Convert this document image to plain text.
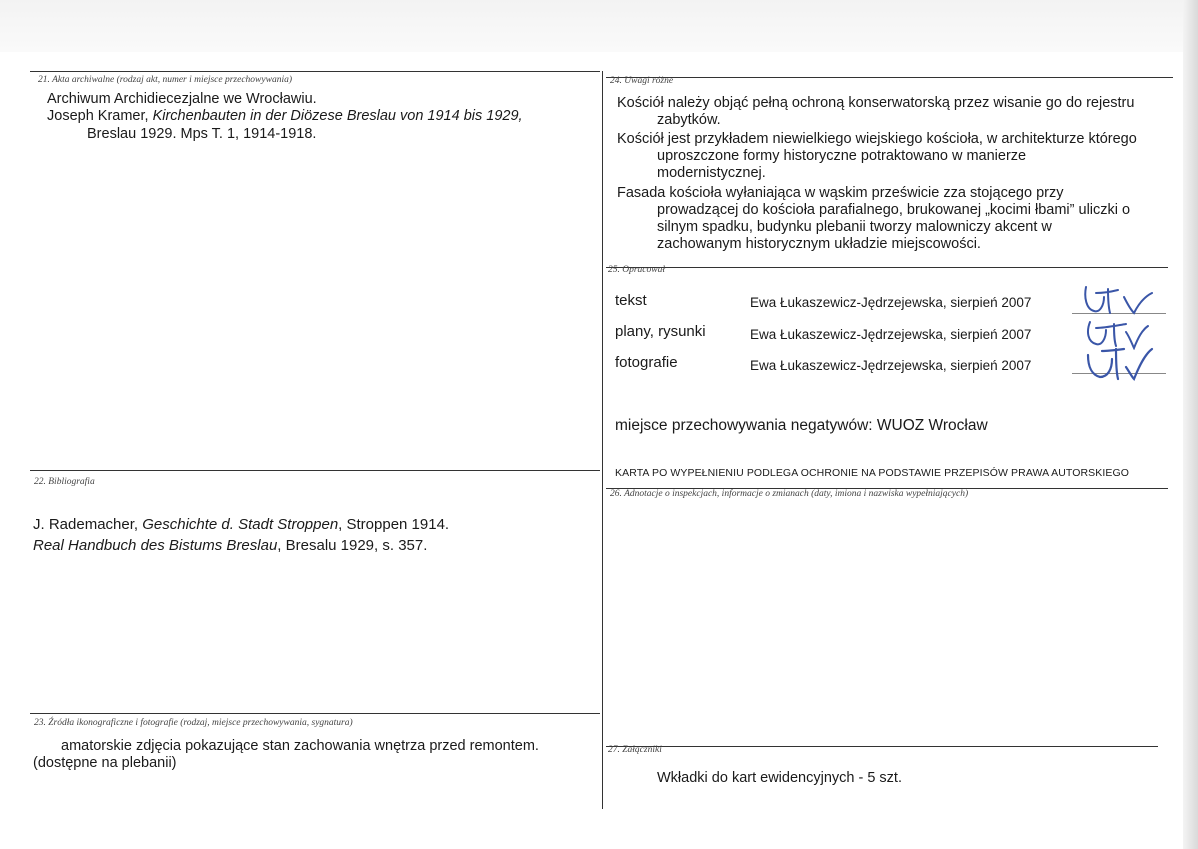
21. Akta archiwalne (rodzaj akt, numer i miejsce przechowywania)
Archiwum Archidiecezjalne we Wrocławiu.
Joseph Kramer, Kirchenbauten in der Diözese Breslau von 1914 bis 1929,
Breslau 1929. Mps T. 1, 1914-1918.
22. Bibliografia
J. Rademacher, Geschichte d. Stadt Stroppen, Stroppen 1914.
Real Handbuch des Bistums Breslau, Bresalu 1929, s. 357.
23. Źródła ikonograficzne i fotografie (rodzaj, miejsce przechowywania, sygnatura)
amatorskie zdjęcia pokazujące stan zachowania wnętrza przed remontem.
(dostępne na plebanii)
24. Uwagi różne
Kościół należy objąć pełną ochroną konserwatorską przez wisanie go do rejestru
zabytków.
Kościół jest przykładem niewielkiego wiejskiego kościoła, w architekturze którego
uproszczone formy historyczne potraktowano w manierze
modernistycznej.
Fasada kościoła wyłaniająca w wąskim prześwicie zza stojącego przy
prowadzącej do kościoła parafialnego, brukowanej „kocimi łbami” uliczki o
silnym spadku, budynku plebanii tworzy malowniczy akcent w
zachowanym historycznym układzie miejscowości.
25. Opracował
tekst	Ewa Łukaszewicz-Jędrzejewska, sierpień 2007
plany, rysunki	Ewa Łukaszewicz-Jędrzejewska, sierpień 2007
fotografie	Ewa Łukaszewicz-Jędrzejewska, sierpień 2007
miejsce przechowywania negatywów: WUOZ Wrocław
KARTA PO WYPEŁNIENIU PODLEGA OCHRONIE NA PODSTAWIE PRZEPISÓW PRAWA AUTORSKIEGO
26. Adnotacje o inspekcjach, informacje o zmianach (daty, imiona i nazwiska wypełniających)
27. Załączniki
Wkładki do kart ewidencyjnych - 5 szt.
